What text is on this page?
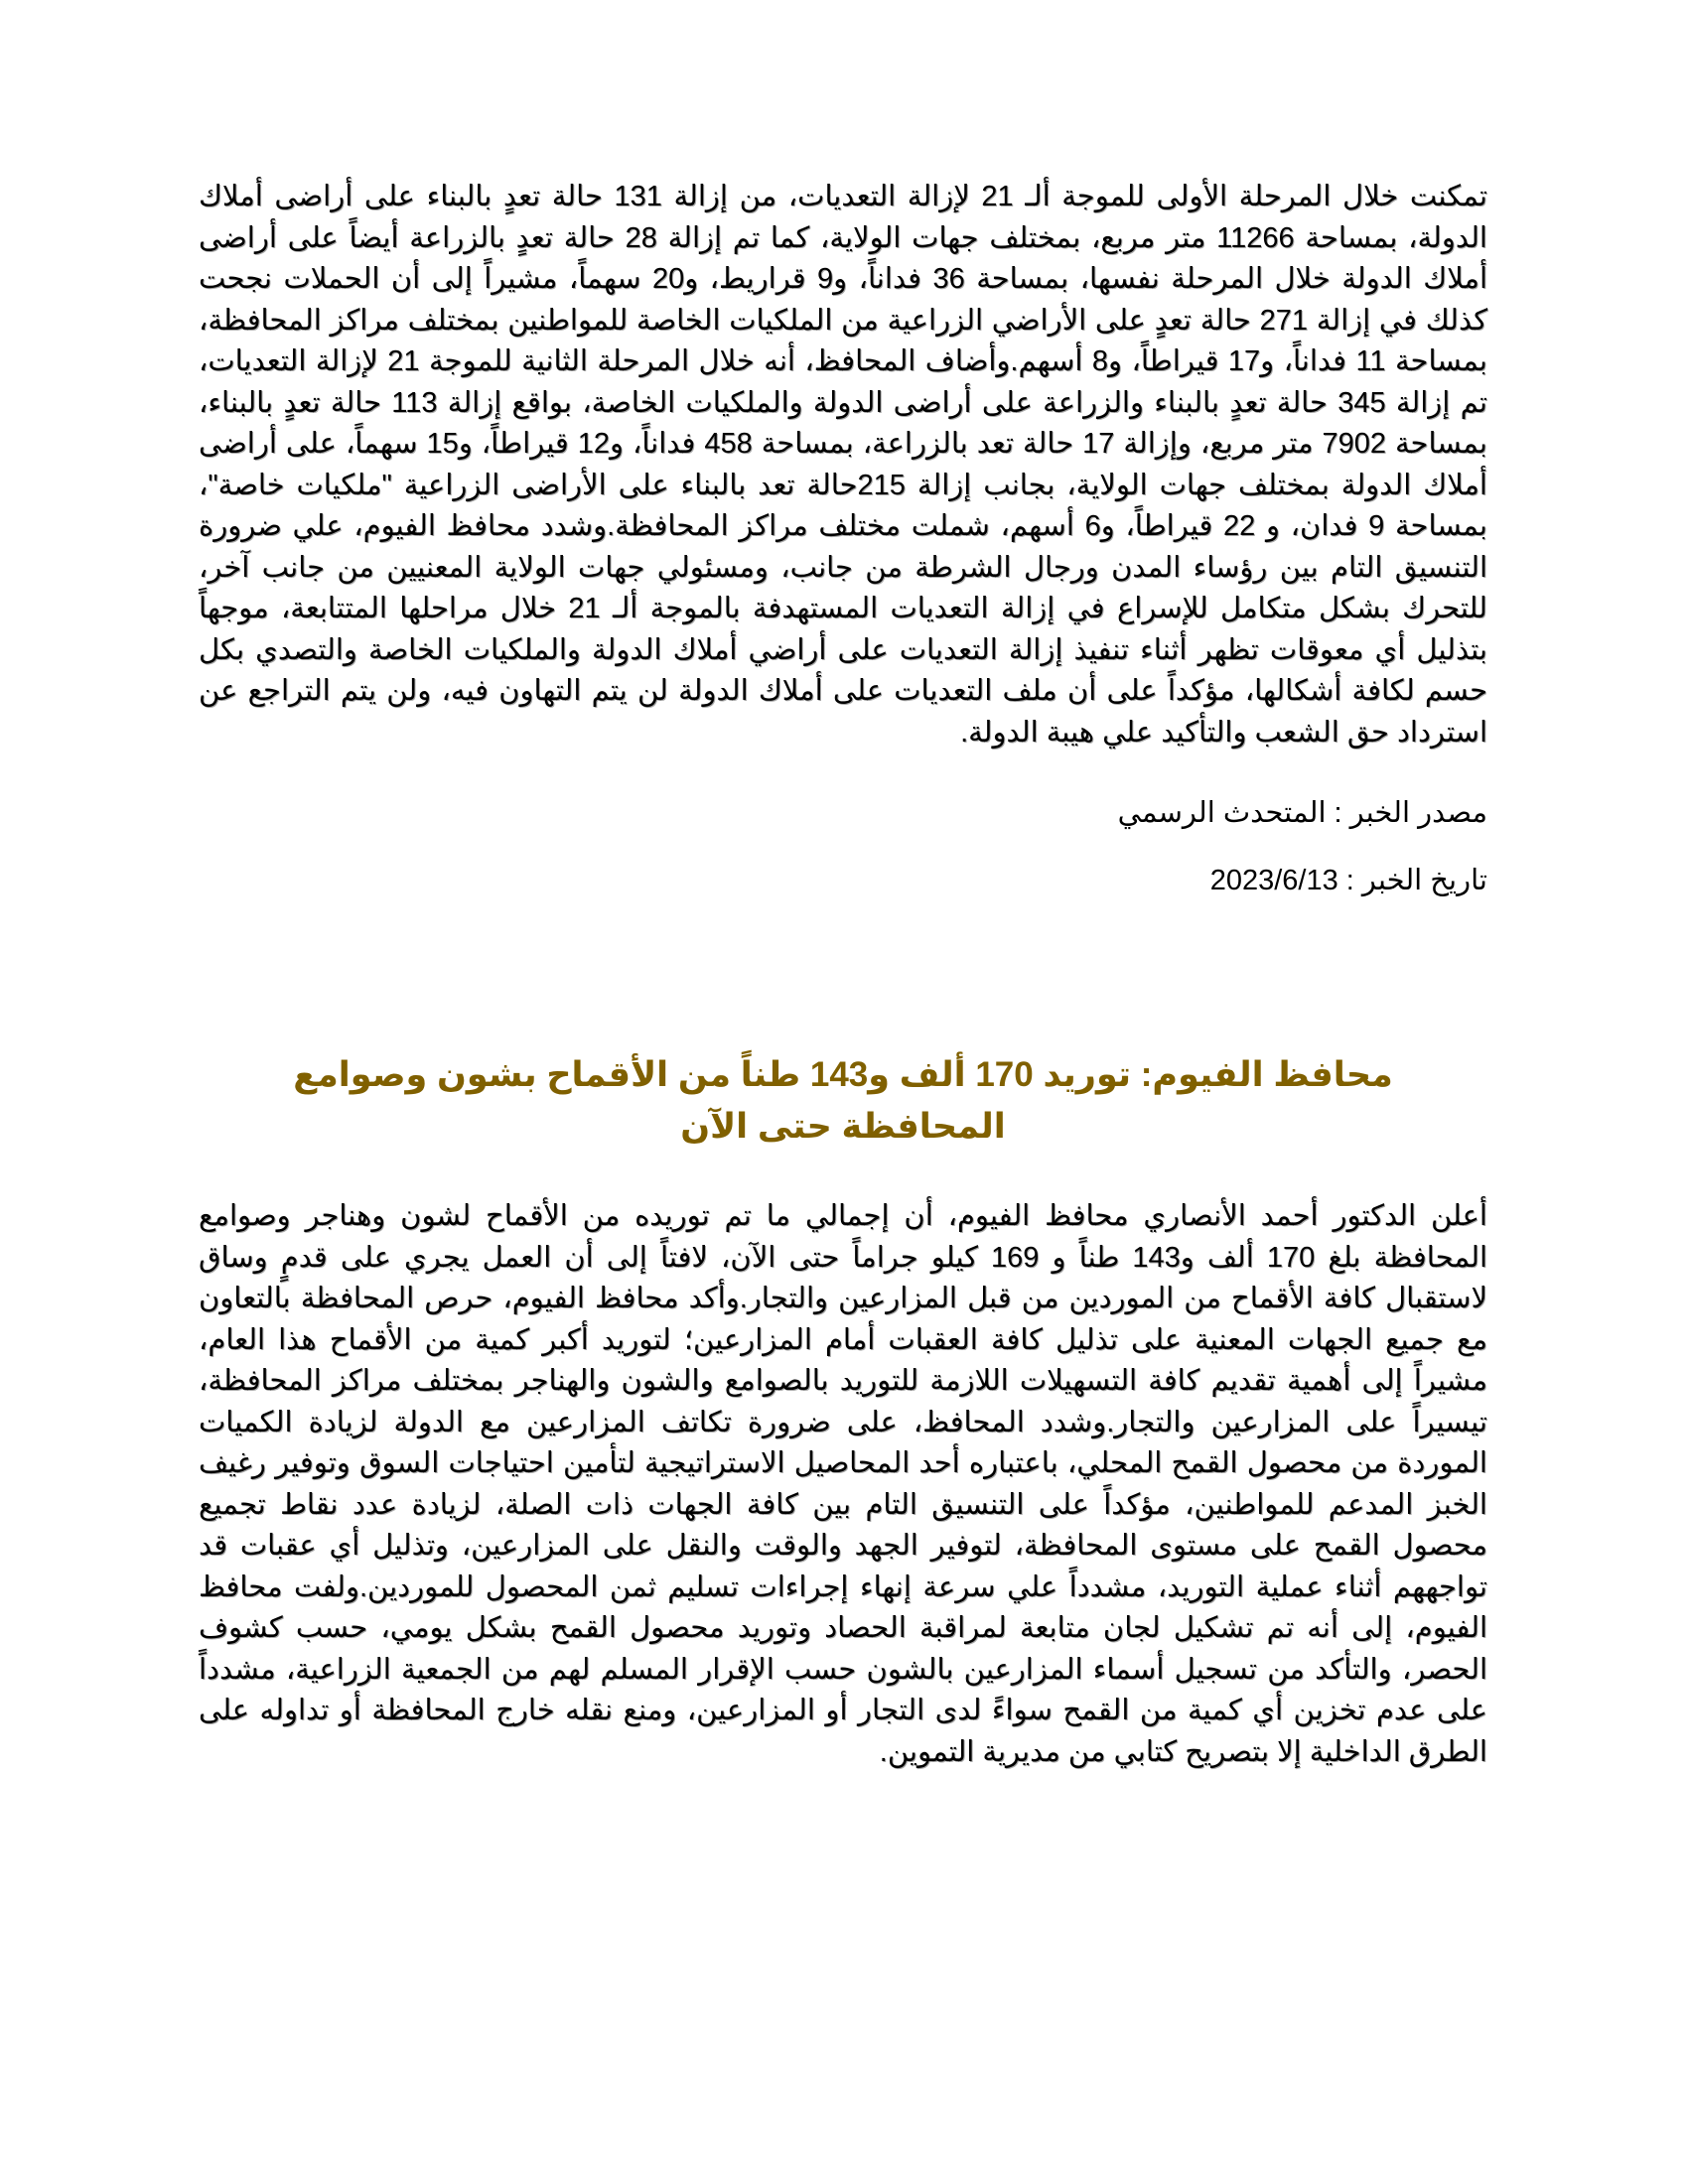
تمكنت خلال المرحلة الأولى للموجة ألـ 21 لإزالة التعديات، من إزالة 131 حالة تعدٍ بالبناء على أراضى أملاك الدولة، بمساحة 11266 متر مربع، بمختلف جهات الولاية، كما تم إزالة 28 حالة تعدٍ بالزراعة أيضاً على أراضى أملاك الدولة خلال المرحلة نفسها، بمساحة 36 فداناً، و9 قراريط، و20 سهماً، مشيراً إلى أن الحملات نجحت كذلك في إزالة 271 حالة تعدٍ على الأراضي الزراعية من الملكيات الخاصة للمواطنين بمختلف مراكز المحافظة، بمساحة 11 فداناً، و17 قيراطاً، و8 أسهم.وأضاف المحافظ، أنه خلال المرحلة الثانية للموجة 21 لإزالة التعديات، تم إزالة 345 حالة تعدٍ بالبناء والزراعة على أراضى الدولة والملكيات الخاصة، بواقع إزالة 113 حالة تعدٍ بالبناء، بمساحة 7902 متر مربع، وإزالة 17 حالة تعد بالزراعة، بمساحة 458 فداناً، و12 قيراطاً، و15 سهماً، على أراضى أملاك الدولة بمختلف جهات الولاية، بجانب إزالة 215حالة تعد بالبناء على الأراضى الزراعية "ملكيات خاصة"، بمساحة 9 فدان، و 22 قيراطاً، و6 أسهم، شملت مختلف مراكز المحافظة.وشدد محافظ الفيوم، علي ضرورة التنسيق التام بين رؤساء المدن ورجال الشرطة من جانب، ومسئولي جهات الولاية المعنيين من جانب آخر، للتحرك بشكل متكامل للإسراع في إزالة التعديات المستهدفة بالموجة ألـ 21 خلال مراحلها المتتابعة، موجهاً بتذليل أي معوقات تظهر أثناء تنفيذ إزالة التعديات على أراضي أملاك الدولة والملكيات الخاصة والتصدي بكل حسم لكافة أشكالها، مؤكداً على أن ملف التعديات على أملاك الدولة لن يتم التهاون فيه، ولن يتم التراجع عن استرداد حق الشعب والتأكيد علي هيبة الدولة.

مصدر الخبر : المتحدث الرسمي

تاريخ الخبر : 2023/6/13

محافظ الفيوم: توريد 170 ألف و143 طناً من الأقماح بشون وصوامع المحافظة حتى الآن

أعلن الدكتور أحمد الأنصاري محافظ الفيوم، أن إجمالي ما تم توريده من الأقماح لشون وهناجر وصوامع المحافظة بلغ 170 ألف و143 طناً و 169 كيلو جراماً حتى الآن، لافتاً إلى أن العمل يجري على قدمٍ وساق لاستقبال كافة الأقماح من الموردين من قبل المزارعين والتجار.وأكد محافظ الفيوم، حرص المحافظة بالتعاون مع جميع الجهات المعنية على تذليل كافة العقبات أمام المزارعين؛ لتوريد أكبر كمية من الأقماح هذا العام، مشيراً إلى أهمية تقديم كافة التسهيلات اللازمة للتوريد بالصوامع والشون والهناجر بمختلف مراكز المحافظة، تيسيراً على المزارعين والتجار.وشدد المحافظ، على ضرورة تكاتف المزارعين مع الدولة لزيادة الكميات الموردة من محصول القمح المحلي، باعتباره أحد المحاصيل الاستراتيجية لتأمين احتياجات السوق وتوفير رغيف الخبز المدعم للمواطنين، مؤكداً على التنسيق التام بين كافة الجهات ذات الصلة، لزيادة عدد نقاط تجميع محصول القمح على مستوى المحافظة، لتوفير الجهد والوقت والنقل على المزارعين، وتذليل أي عقبات قد تواجههم أثناء عملية التوريد، مشدداً علي سرعة إنهاء إجراءات تسليم ثمن المحصول للموردين.ولفت محافظ الفيوم، إلى أنه تم تشكيل لجان متابعة لمراقبة الحصاد وتوريد محصول القمح بشكل يومي، حسب كشوف الحصر، والتأكد من تسجيل أسماء المزارعين بالشون حسب الإقرار المسلم لهم من الجمعية الزراعية، مشدداً على عدم تخزين أي كمية من القمح سواءً لدى التجار أو المزارعين، ومنع نقله خارج المحافظة أو تداوله على الطرق الداخلية إلا بتصريح كتابي من مديرية التموين.
